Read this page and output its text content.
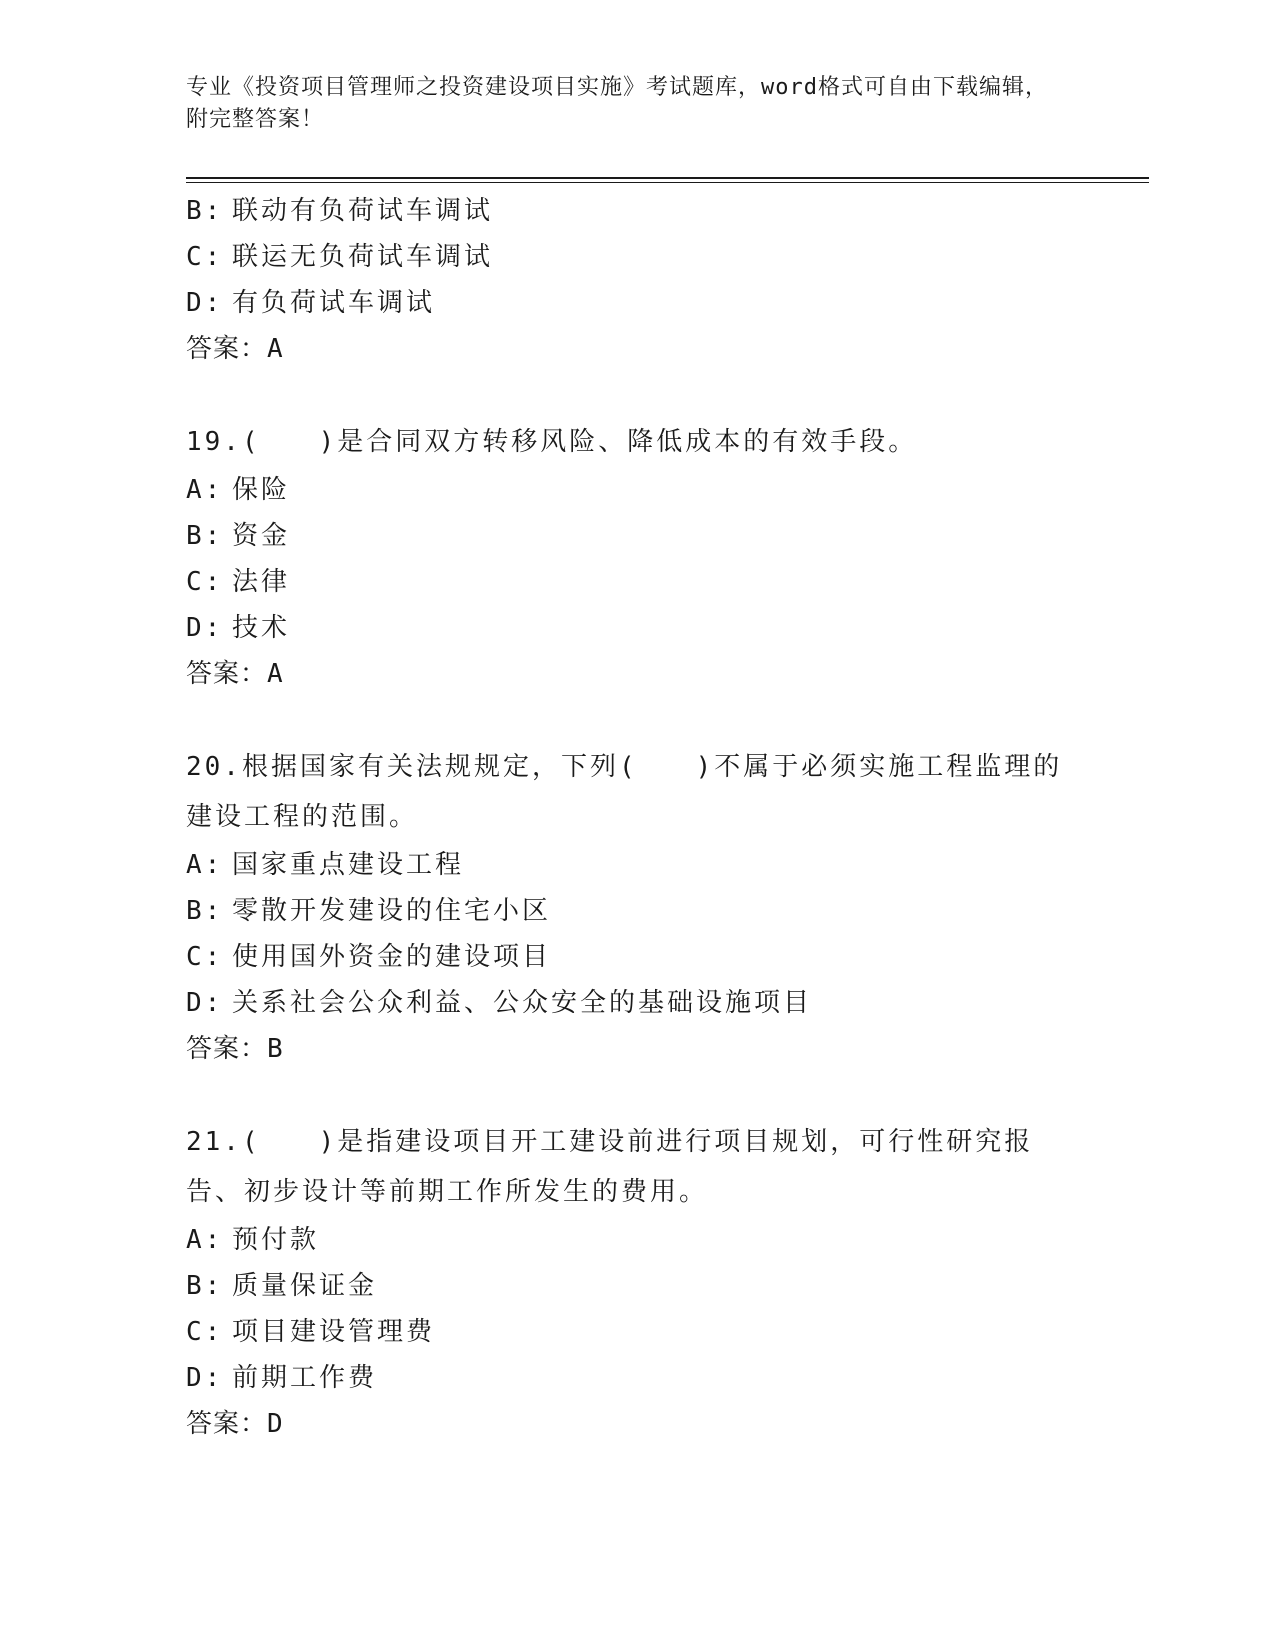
专业《投资项目管理师之投资建设项目实施》考试题库，word格式可自由下载编辑，附完整答案！
B: 联动有负荷试车调试
C: 联运无负荷试车调试
D: 有负荷试车调试
答案：A
19.(　　)是合同双方转移风险、降低成本的有效手段。
A: 保险
B: 资金
C: 法律
D: 技术
答案：A
20.根据国家有关法规规定，下列(　　)不属于必须实施工程监理的建设工程的范围。
A: 国家重点建设工程
B: 零散开发建设的住宅小区
C: 使用国外资金的建设项目
D: 关系社会公众利益、公众安全的基础设施项目
答案：B
21.(　　)是指建设项目开工建设前进行项目规划，可行性研究报告、初步设计等前期工作所发生的费用。
A: 预付款
B: 质量保证金
C: 项目建设管理费
D: 前期工作费
答案：D
